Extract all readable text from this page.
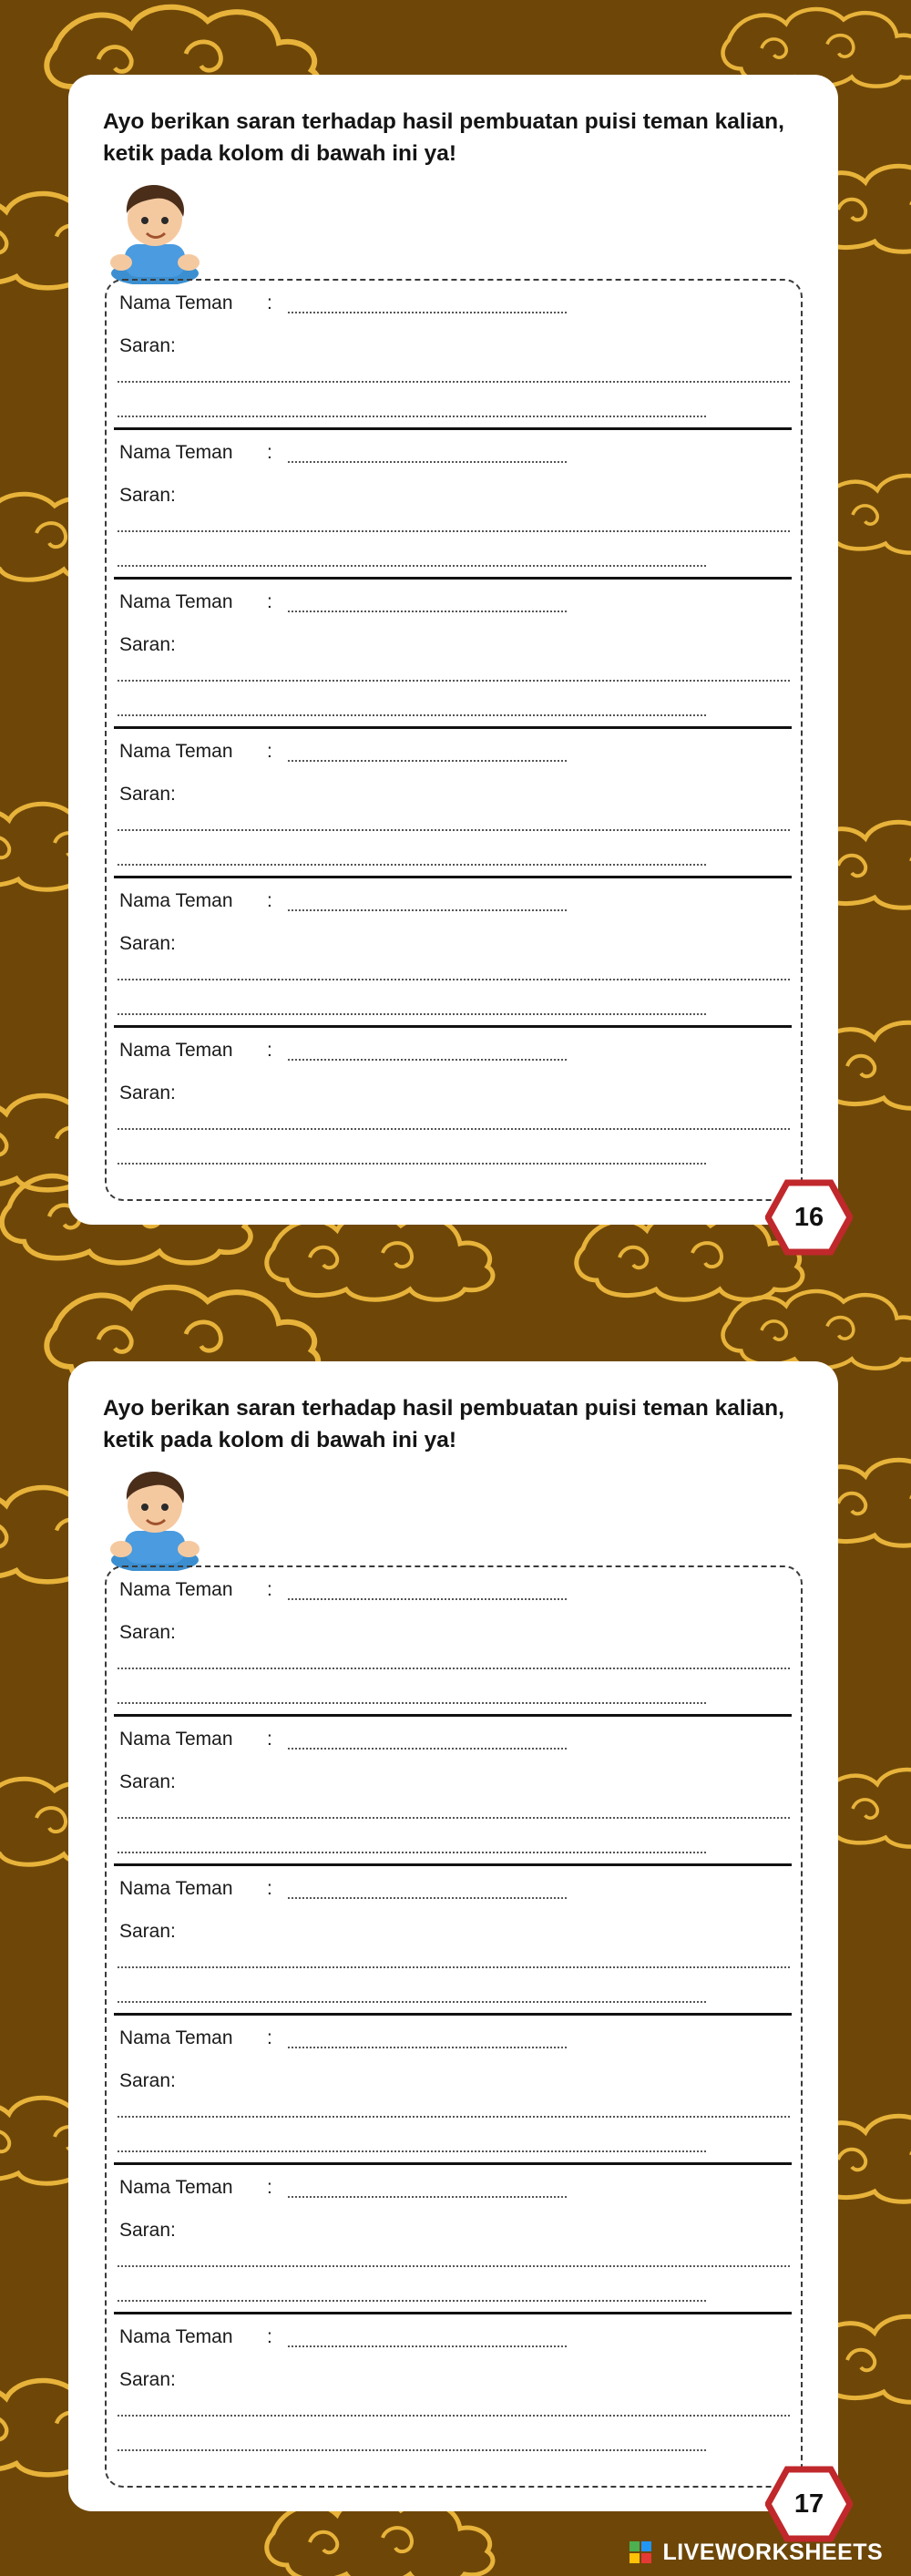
Ayo berikan saran terhadap hasil pembuatan puisi teman kalian, ketik pada kolom di bawah ini ya!
Nama Teman :
Saran:
Nama Teman :
Saran:
Nama Teman :
Saran:
Nama Teman :
Saran:
Nama Teman :
Saran:
Nama Teman :
Saran:
16
Ayo berikan saran terhadap hasil pembuatan puisi teman kalian, ketik pada kolom di bawah ini ya!
Nama Teman :
Saran:
Nama Teman :
Saran:
Nama Teman :
Saran:
Nama Teman :
Saran:
Nama Teman :
Saran:
Nama Teman :
Saran:
17
LIVEWORKSHEETS
